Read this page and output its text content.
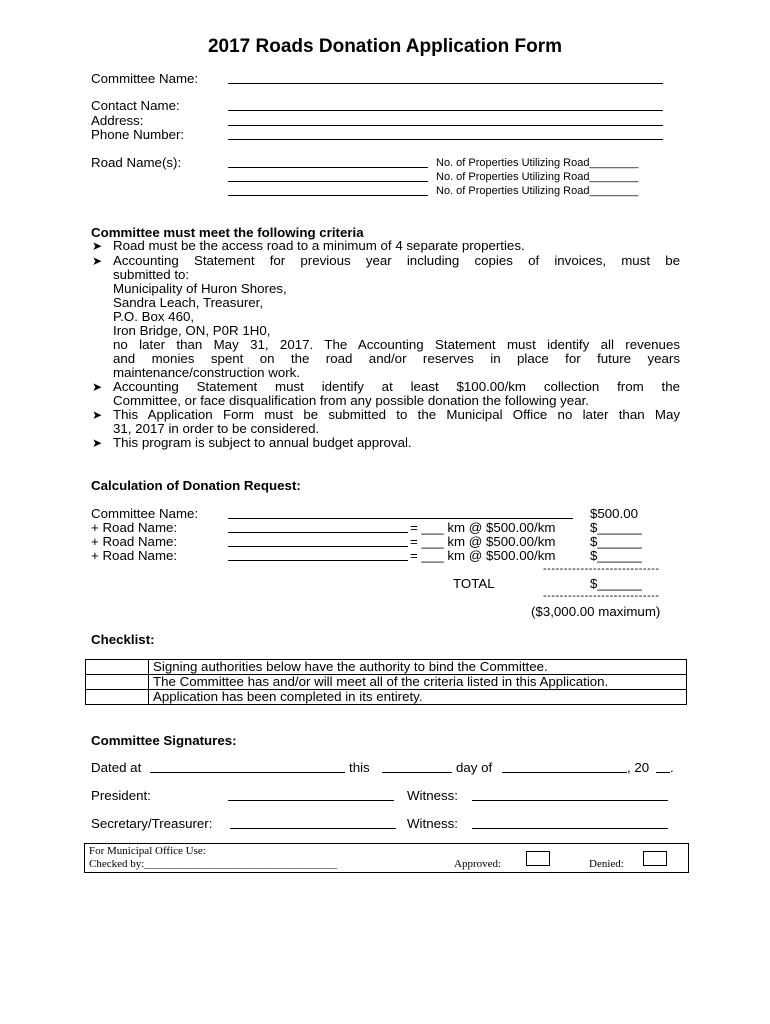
2017 Roads Donation Application Form
Committee Name:
Contact Name:
Address:
Phone Number:
Road Name(s):	No. of Properties Utilizing Road________
No. of Properties Utilizing Road________
No. of Properties Utilizing Road________
Committee must meet the following criteria
➤ Road must be the access road to a minimum of 4 separate properties.
➤ Accounting Statement for previous year including copies of invoices, must be
submitted to:
Municipality of Huron Shores,
Sandra Leach, Treasurer,
P.O. Box 460,
Iron Bridge, ON, P0R 1H0,
no later than May 31, 2017. The Accounting Statement must identify all revenues
and monies spent on the road and/or reserves in place for future years
maintenance/construction work.
➤ Accounting Statement must identify at least $100.00/km collection from the
Committee, or face disqualification from any possible donation the following year.
➤ This Application Form must be submitted to the Municipal Office no later than May
31, 2017 in order to be considered.
➤ This program is subject to annual budget approval.
Calculation of Donation Request:
Committee Name:	$500.00
+ Road Name:	= ___ km @ $500.00/km	$______
+ Road Name:	= ___ km @ $500.00/km	$______
+ Road Name:	= ___ km @ $500.00/km	$______
----------------------------
TOTAL	$______
----------------------------
($3,000.00 maximum)
Checklist:
	Signing authorities below have the authority to bind the Committee.
	The Committee has and/or will meet all of the criteria listed in this Application.
	Application has been completed in its entirety.
Committee Signatures:
Dated at	this	day of	, 20 .
President:	Witness:
Secretary/Treasurer:	Witness:
For Municipal Office Use:
Checked by:___________________________________	Approved:	Denied:
